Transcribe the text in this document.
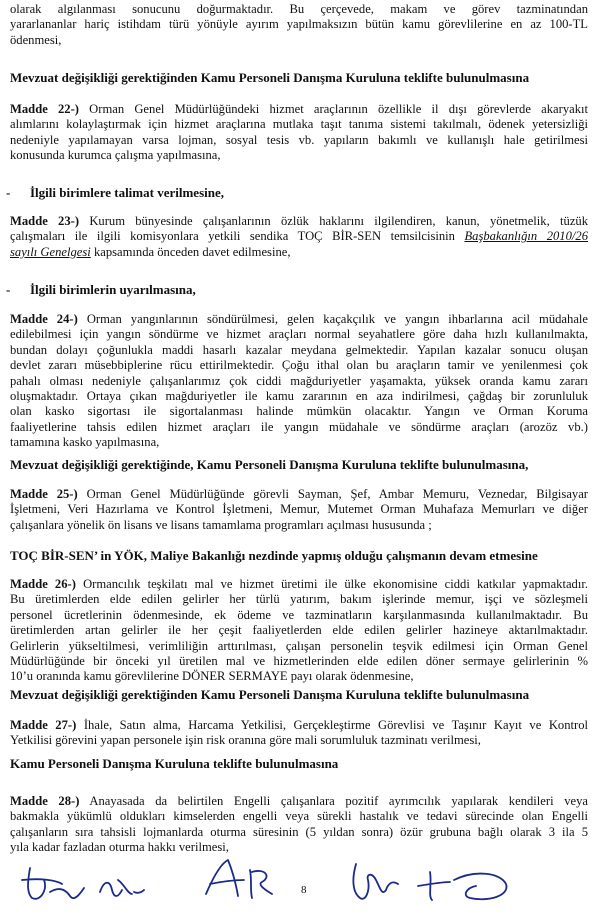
olarak algılanması sonucunu doğurmaktadır. Bu çerçevede, makam ve görev tazminatından
yararlananlar hariç istihdam türü yönüyle ayırım yapılmaksızın bütün kamu görevlilerine en az 100-TL
ödenmesi,
Mevzuat değişikliği gerektiğinden Kamu Personeli Danışma Kuruluna teklifte bulunulmasına
Madde 22-) Orman Genel Müdürlüğündeki hizmet araçlarının özellikle il dışı görevlerde akaryakıt
alımlarını kolaylaştırmak için hizmet araçlarına mutlaka taşıt tanıma sistemi takılmalı, ödenek yetersizliği
nedeniyle yapılamayan varsa lojman, sosyal tesis vb. yapıların bakımlı ve kullanışlı hale getirilmesi
konusunda kurumca çalışma yapılmasına,
- İlgili birimlere talimat verilmesine,
Madde 23-) Kurum bünyesinde çalışanlarının özlük haklarını ilgilendiren, kanun, yönetmelik, tüzük
çalışmaları ile ilgili komisyonlara yetkili sendika TOÇ BİR-SEN temsilcisinin Başbakanlığın 2010/26
sayılı Genelgesi kapsamında önceden davet edilmesine,
- İlgili birimlerin uyarılmasına,
Madde 24-) Orman yangınlarının söndürülmesi, gelen kaçakçılık ve yangın ihbarlarına acil müdahale
edilebilmesi için yangın söndürme ve hizmet araçları normal seyahatlere göre daha hızlı kullanılmakta,
bundan dolayı çoğunlukla maddi hasarlı kazalar meydana gelmektedir. Yapılan kazalar sonucu oluşan
devlet zararı müsebbiplerine rücu ettirilmektedir. Çoğu ithal olan bu araçların tamir ve yenilenmesi çok
pahalı olması nedeniyle çalışanlarımız çok ciddi mağduriyetler yaşamakta, yüksek oranda kamu zararı
oluşmaktadır. Ortaya çıkan mağduriyetler ile kamu zararının en aza indirilmesi, çağdaş bir zorunluluk
olan kasko sigortası ile sigortalanması halinde mümkün olacaktır. Yangın ve Orman Koruma
faaliyetlerine tahsis edilen hizmet araçları ile yangın müdahale ve söndürme araçları (arozöz vb.)
tamamına kasko yapılmasına,
Mevzuat değişikliği gerektiğinde, Kamu Personeli Danışma Kuruluna teklifte bulunulmasına,
Madde 25-) Orman Genel Müdürlüğünde görevli Sayman, Şef, Ambar Memuru, Veznedar, Bilgisayar
İşletmeni, Veri Hazırlama ve Kontrol İşletmeni, Memur, Mutemet Orman Muhafaza Memurları ve diğer
çalışanlara yönelik ön lisans ve lisans tamamlama programları açılması hususunda ;
TOÇ BİR-SEN’ in YÖK, Maliye Bakanlığı nezdinde yapmış olduğu çalışmanın devam etmesine
Madde 26-) Ormancılık teşkilatı mal ve hizmet üretimi ile ülke ekonomisine ciddi katkılar yapmaktadır.
Bu üretimlerden elde edilen gelirler her türlü yatırım, bakım işlerinde memur, işçi ve sözleşmeli
personel ücretlerinin ödenmesinde, ek ödeme ve tazminatların karşılanmasında kullanılmaktadır. Bu
üretimlerden artan gelirler ile her çeşit faaliyetlerden elde edilen gelirler hazineye aktarılmaktadır.
Gelirlerin yükseltilmesi, verimliliğin arttırılması, çalışan personelin teşvik edilmesi için Orman Genel
Müdürlüğünde bir önceki yıl üretilen mal ve hizmetlerinden elde edilen döner sermaye gelirlerinin %
10’u oranında kamu görevlilerine DÖNER SERMAYE payı olarak ödenmesine,
Mevzuat değişikliği gerektiğinden Kamu Personeli Danışma Kuruluna teklifte bulunulmasına
Madde 27-) İhale, Satın alma, Harcama Yetkilisi, Gerçekleştirme Görevlisi ve Taşınır Kayıt ve Kontrol
Yetkilisi görevini yapan personele işin risk oranına göre mali sorumluluk tazminatı verilmesi,
Kamu Personeli Danışma Kuruluna teklifte bulunulmasına
Madde 28-) Anayasada da belirtilen Engelli çalışanlara pozitif ayrımcılık yapılarak kendileri veya
bakmakla yükümlü oldukları kimselerden engelli veya sürekli hastalık ve tedavi sürecinde olan Engelli
çalışanların sıra tahsisli lojmanlarda oturma süresinin (5 yıldan sonra) özür grubuna bağlı olarak 3 ila 5
yıla kadar fazladan oturma hakkı verilmesi,
8
